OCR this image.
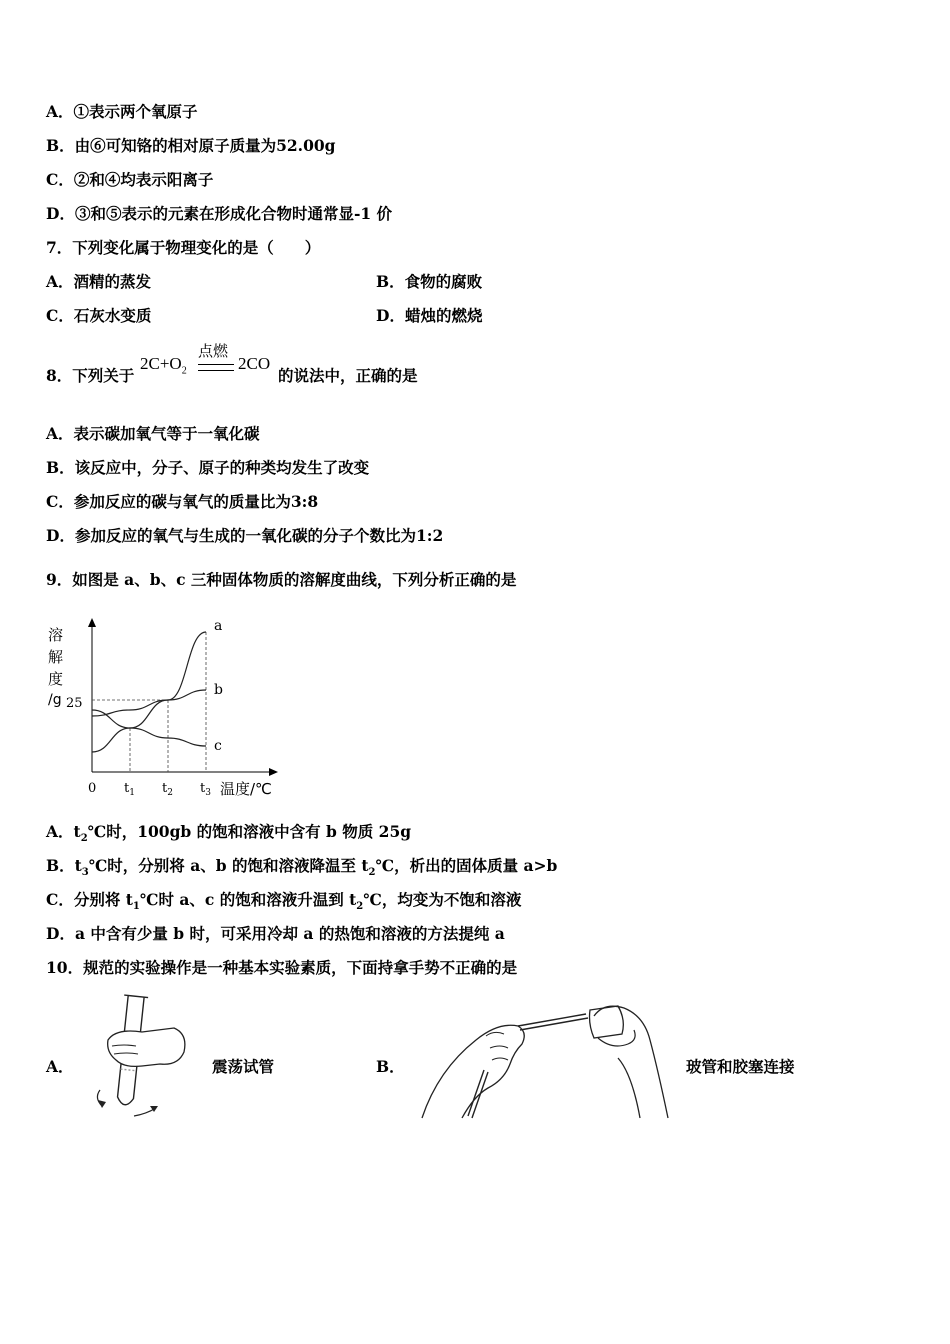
A．①表示两个氧原子
B．由⑥可知铬的相对原子质量为52.00g
C．②和④均表示阳离子
D．③和⑤表示的元素在形成化合物时通常显-1 价
7．下列变化属于物理变化的是（　　）
A．酒精的蒸发	B．食物的腐败
C．石灰水变质	D．蜡烛的燃烧
8．下列关于
$2C+O_2$
点燃
2CO
的说法中，正确的是
A．表示碳加氧气等于一氧化碳
B．该反应中，分子、原子的种类均发生了改变
C．参加反应的碳与氧气的质量比为3:8
D．参加反应的氧气与生成的一氧化碳的分子个数比为1:2
9．如图是 a、b、c 三种固体物质的溶解度曲线，下列分析正确的是
溶
解
度
/g
a
b
c
25
0 $t_1$ $t_2$ $t_3$ 温度/℃
A．$t_2℃$时，100gb 的饱和溶液中含有 b 物质 25g
B．$t_3℃$时，分别将 a、b 的饱和溶液降温至 $t_2℃$，析出的固体质量 a>b
C．分别将 $t_1℃$时 a、c 的饱和溶液升温到 $t_2℃$，均变为不饱和溶液
D．a 中含有少量 b 时，可采用冷却 a 的热饱和溶液的方法提纯 a
10．规范的实验操作是一种基本实验素质，下面持拿手势不正确的是
A．	震荡试管	B．	玻管和胶塞连接
